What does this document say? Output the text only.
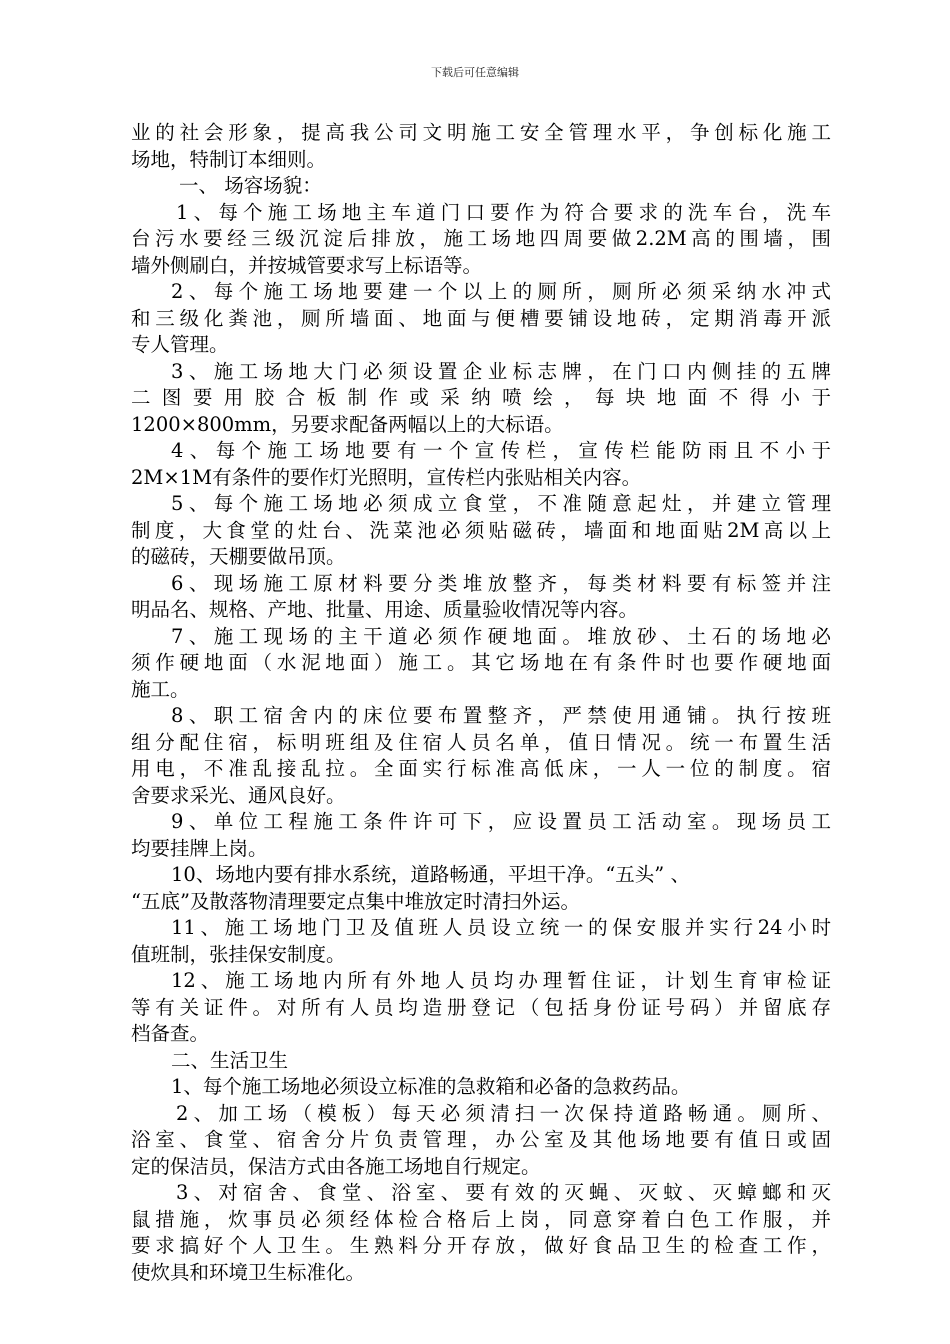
下载后可任意编辑
业的社会形象，提高我公司文明施工安全管理水平，争创标化施工
场地，特制订本细则。
一、 场容场貌：
1、每个施工场地主车道门口要作为符合要求的洗车台，洗车
台污水要经三级沉淀后排放，施工场地四周要做2.2M高的围墙，围
墙外侧刷白，并按城管要求写上标语等。
2、每个施工场地要建一个以上的厕所，厕所必须采纳水冲式
和三级化粪池，厕所墙面、地面与便槽要铺设地砖，定期消毒开派
专人管理。
3、施工场地大门必须设置企业标志牌，在门口内侧挂的五牌
二图要用胶合板制作或采纳喷绘，每块地面不得小于
1200×800mm，另要求配备两幅以上的大标语。
4、每个施工场地要有一个宣传栏，宣传栏能防雨且不小于
2M×1M有条件的要作灯光照明，宣传栏内张贴相关内容。
5、每个施工场地必须成立食堂，不准随意起灶，并建立管理
制度，大食堂的灶台、洗菜池必须贴磁砖，墙面和地面贴2M高以上
的磁砖，天棚要做吊顶。
6、现场施工原材料要分类堆放整齐，每类材料要有标签并注
明品名、规格、产地、批量、用途、质量验收情况等内容。
7、施工现场的主干道必须作硬地面。堆放砂、土石的场地必
须作硬地面（水泥地面）施工。其它场地在有条件时也要作硬地面
施工。
8、职工宿舍内的床位要布置整齐，严禁使用通铺。执行按班
组分配住宿，标明班组及住宿人员名单，值日情况。统一布置生活
用电，不准乱接乱拉。全面实行标准高低床，一人一位的制度。宿
舍要求采光、通风良好。
9、单位工程施工条件许可下，应设置员工活动室。现场员工
均要挂牌上岗。
10、场地内要有排水系统，道路畅通，平坦干净。“五头” 、
“五底”及散落物清理要定点集中堆放定时清扫外运。
11、施工场地门卫及值班人员设立统一的保安服并实行24小时
值班制，张挂保安制度。
12、施工场地内所有外地人员均办理暂住证，计划生育审检证
等有关证件。对所有人员均造册登记（包括身份证号码）并留底存
档备查。
二、生活卫生
1、每个施工场地必须设立标准的急救箱和必备的急救药品。
2、加工场（模板）每天必须清扫一次保持道路畅通。厕所、
浴室、食堂、宿舍分片负责管理，办公室及其他场地要有值日或固
定的保洁员，保洁方式由各施工场地自行规定。
3、对宿舍、食堂、浴室、要有效的灭蝇、灭蚊、灭蟑螂和灭
鼠措施，炊事员必须经体检合格后上岗，同意穿着白色工作服，并
要求搞好个人卫生。生熟料分开存放，做好食品卫生的检查工作，
使炊具和环境卫生标准化。
